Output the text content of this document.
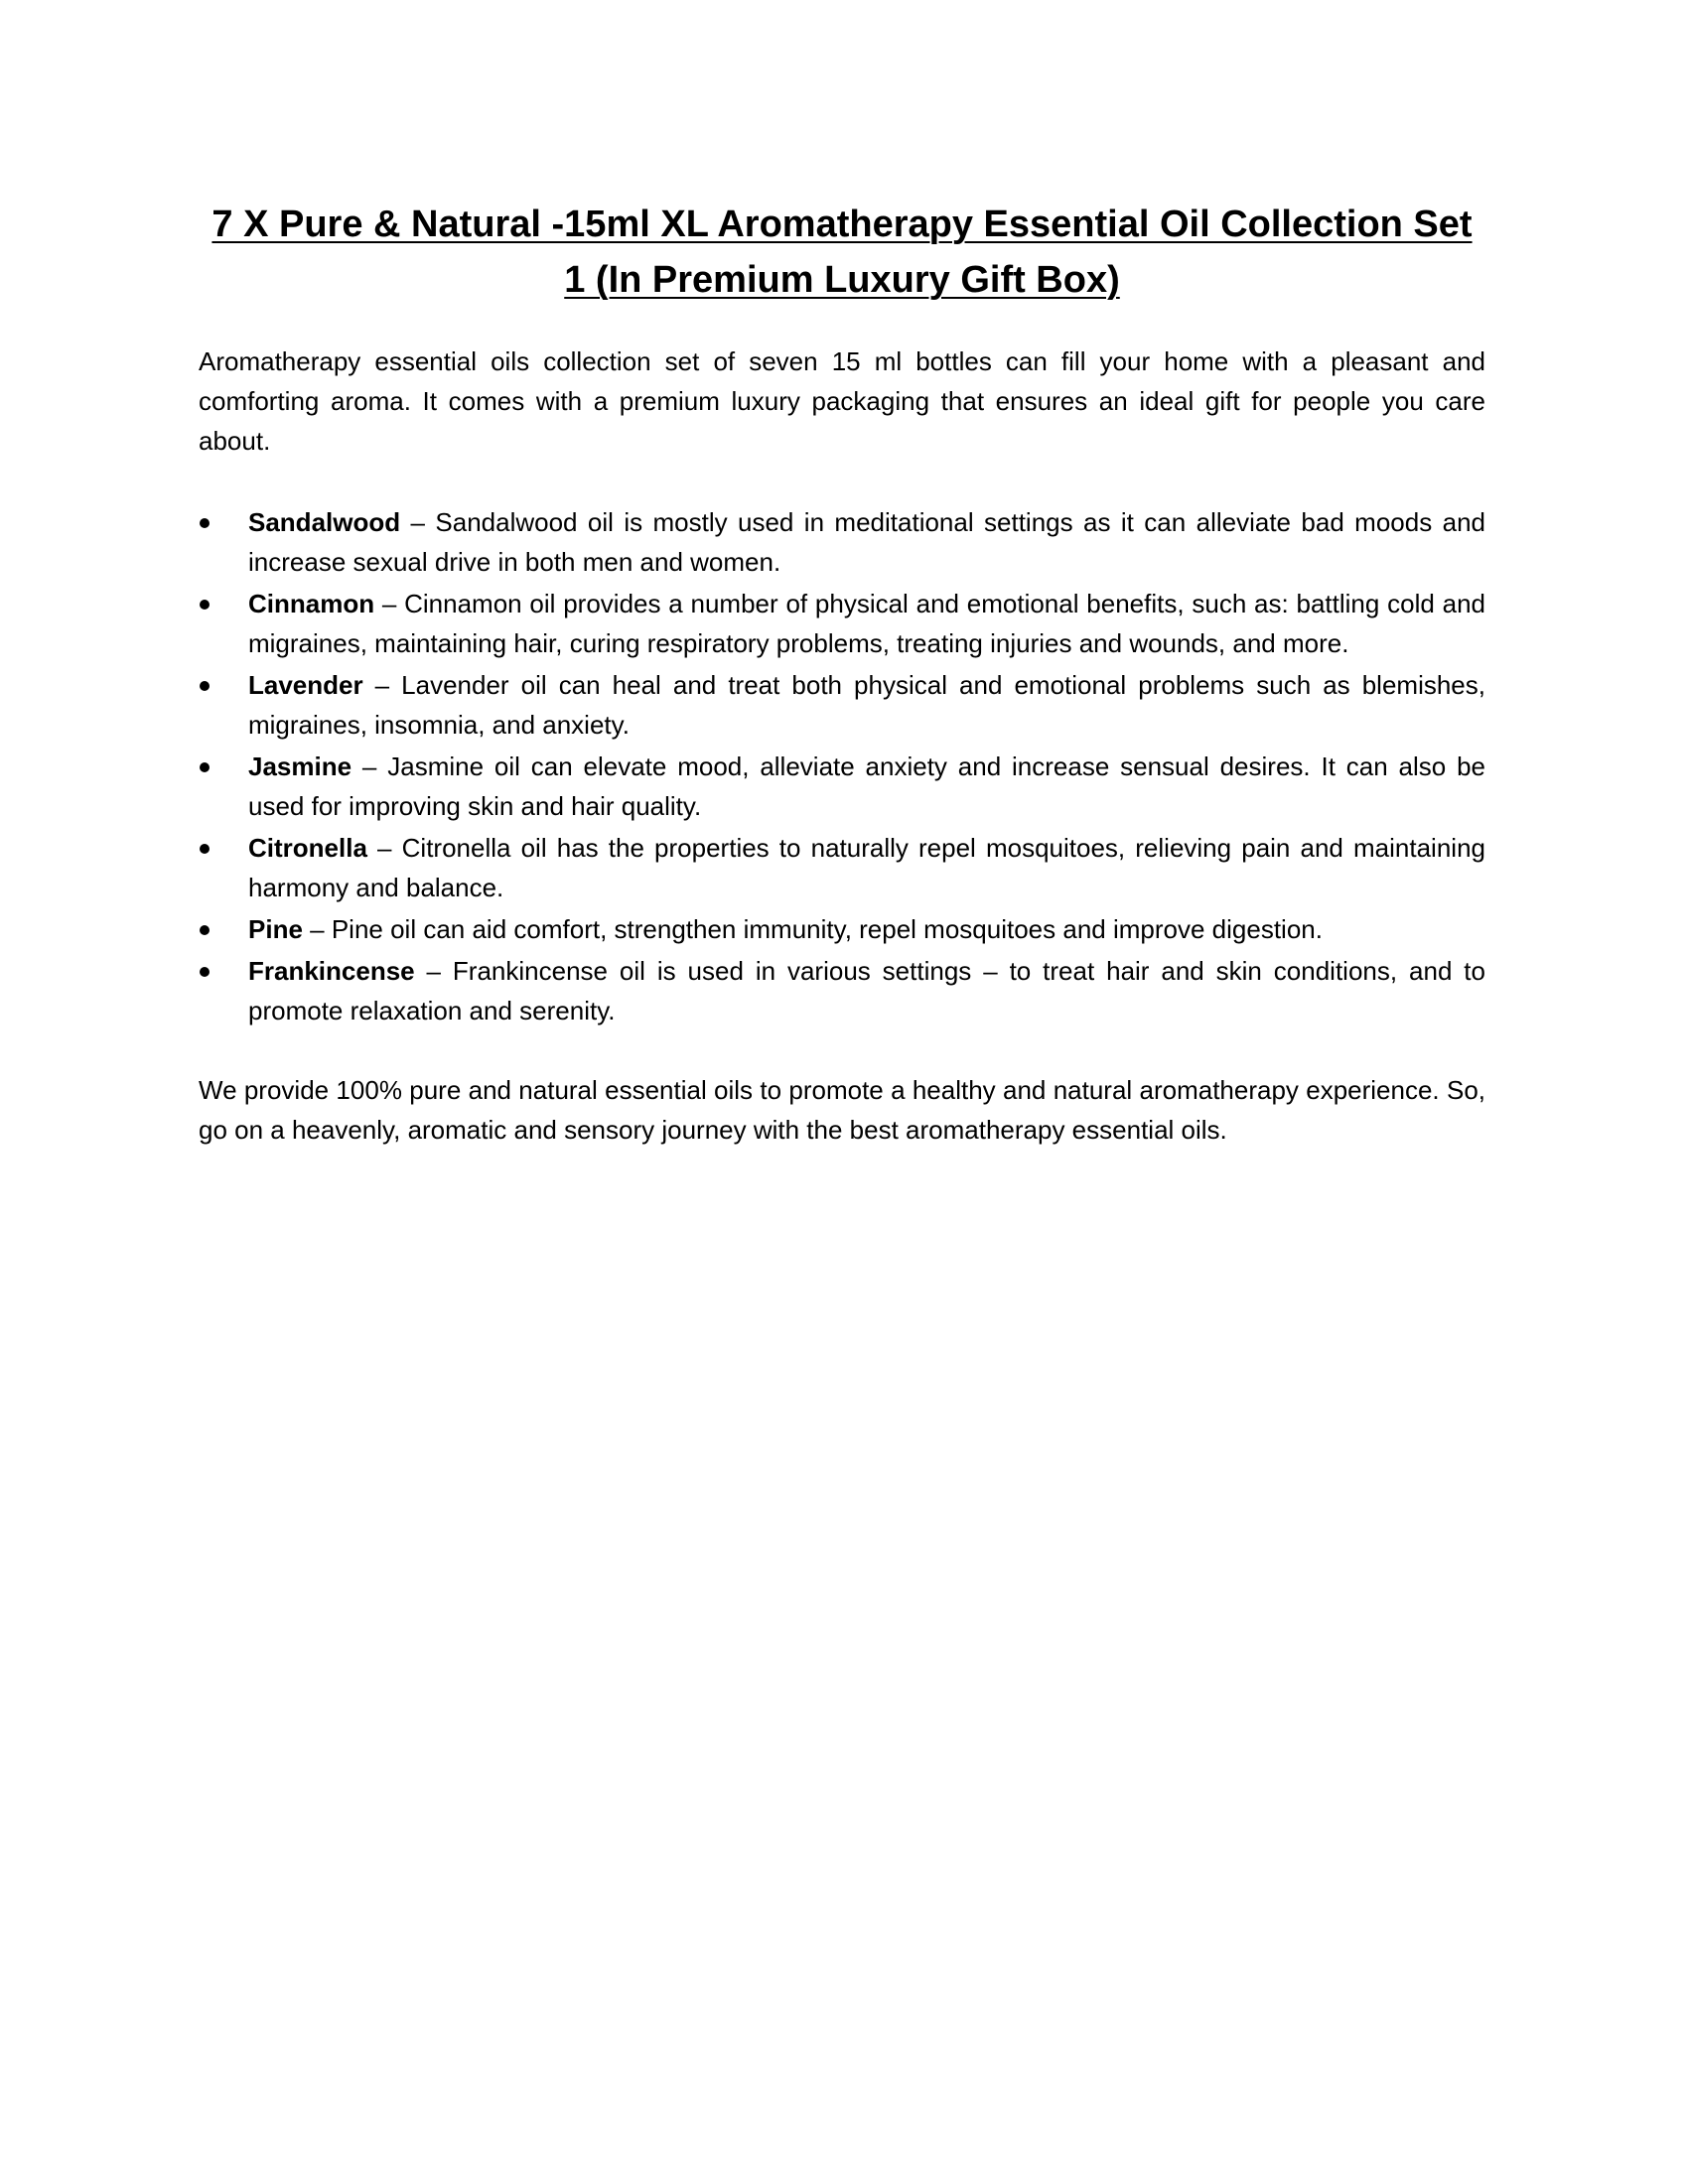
7 X Pure & Natural -15ml XL Aromatherapy Essential Oil Collection Set 1 (In Premium Luxury Gift Box)

Aromatherapy essential oils collection set of seven 15 ml bottles can fill your home with a pleasant and comforting aroma. It comes with a premium luxury packaging that ensures an ideal gift for people you care about.

Sandalwood – Sandalwood oil is mostly used in meditational settings as it can alleviate bad moods and increase sexual drive in both men and women.
Cinnamon – Cinnamon oil provides a number of physical and emotional benefits, such as: battling cold and migraines, maintaining hair, curing respiratory problems, treating injuries and wounds, and more.
Lavender – Lavender oil can heal and treat both physical and emotional problems such as blemishes, migraines, insomnia, and anxiety.
Jasmine – Jasmine oil can elevate mood, alleviate anxiety and increase sensual desires. It can also be used for improving skin and hair quality.
Citronella – Citronella oil has the properties to naturally repel mosquitoes, relieving pain and maintaining harmony and balance.
Pine – Pine oil can aid comfort, strengthen immunity, repel mosquitoes and improve digestion.
Frankincense – Frankincense oil is used in various settings – to treat hair and skin conditions, and to promote relaxation and serenity.

We provide 100% pure and natural essential oils to promote a healthy and natural aromatherapy experience. So, go on a heavenly, aromatic and sensory journey with the best aromatherapy essential oils.
